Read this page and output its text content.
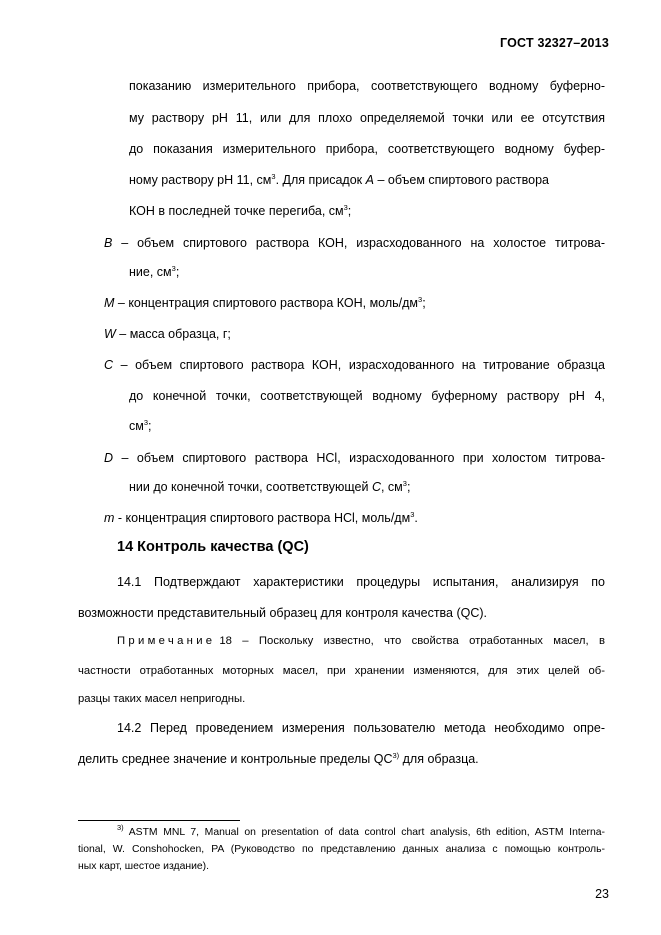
ГОСТ 32327–2013
показанию измерительного прибора, соответствующего водному буферно-
му раствору рН 11, или для плохо определяемой точки или ее отсутствия
до показания измерительного прибора, соответствующего водному буфер-
ному раствору рН 11, $см^3$. Для присадок A – объем спиртового раствора
КОН в последней точке перегиба, $см^3$;
B – объем спиртового раствора КОН, израсходованного на холостое титрова-
ние, $см^3$;
M – концентрация спиртового раствора КОН, моль/$дм^3$;
W – масса образца, г;
C – объем спиртового раствора КОН, израсходованного на титрование образца
до конечной точки, соответствующей водному буферному раствору рН 4,
$см^3$;
D – объем спиртового раствора HCl, израсходованного при холостом титрова-
нии до конечной точки, соответствующей C, $см^3$;
m - концентрация спиртового раствора HCl, моль/$дм^3$.
14 Контроль качества (QC)
14.1 Подтверждают характеристики процедуры испытания, анализируя по
возможности представительный образец для контроля качества (QC).
Примечание 18 – Поскольку известно, что свойства отработанных масел, в
частности отработанных моторных масел, при хранении изменяются, для этих целей об-
разцы таких масел непригодны.
14.2 Перед проведением измерения пользователю метода необходимо опре-
делить среднее значение и контрольные пределы QC$^{3)}$ для образца.
$^{3)}$ ASTM MNL 7, Manual on presentation of data control chart analysis, 6th edition, ASTM Interna-
tional, W. Conshohocken, PA (Руководство по представлению данных анализа с помощью контроль-
ных карт, шестое издание).
23
